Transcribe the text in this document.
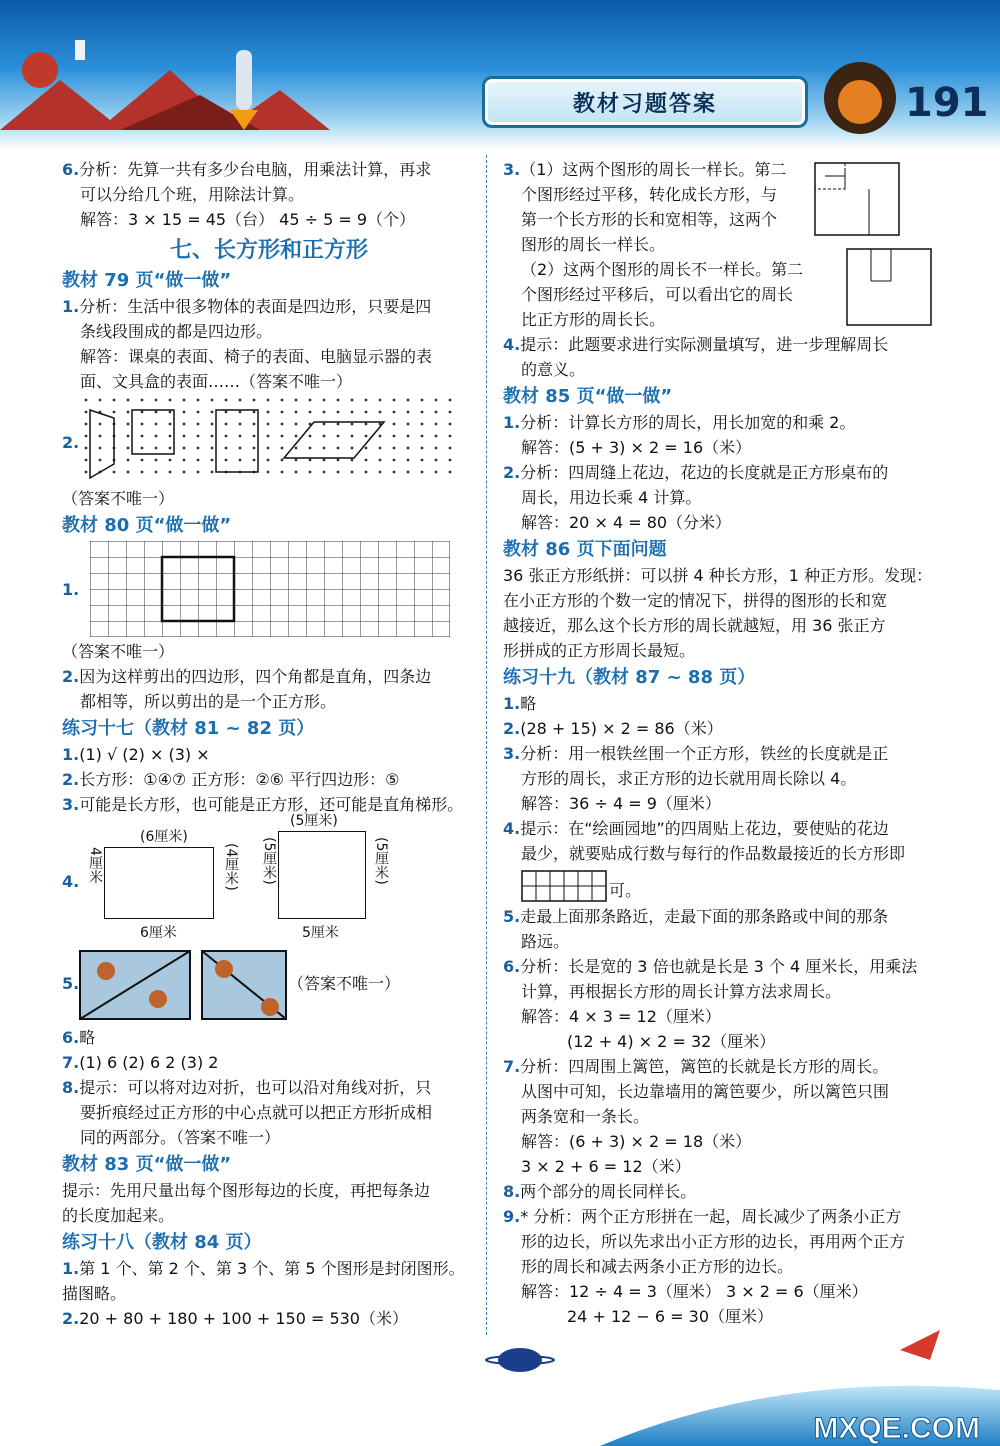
教材习题答案	191

6.分析：先算一共有多少台电脑，用乘法计算，再求

可以分给几个班，用除法计算。

解答：3 × 15 = 45（台） 45 ÷ 5 = 9（个）

七、长方形和正方形
教材 79 页“做一做”

1.分析：生活中很多物体的表面是四边形，只要是四

条线段围成的都是四边形。

解答：课桌的表面、椅子的表面、电脑显示器的表

面、文具盒的表面……（答案不唯一）

2.

（答案不唯一）

教材 80 页“做一做”
1.

（答案不唯一）

2.因为这样剪出的四边形，四个角都是直角，四条边

都相等，所以剪出的是一个正方形。

练习十七（教材 81 ~ 82 页）

1.(1) √ (2) × (3) ×

2.长方形：①④⑦ 正方形：②⑥ 平行四边形：⑤

3.可能是长方形，也可能是正方形，还可能是直角梯形。

4.
(6厘米)
6厘米
4厘米	(4厘米)
(5厘米)
5厘米
(5厘米)	(5厘米)
5.	（答案不唯一）

6.略

7.(1) 6 (2) 6 2 (3) 2

8.提示：可以将对边对折，也可以沿对角线对折，只

要折痕经过正方形的中心点就可以把正方形折成相

同的两部分。（答案不唯一）

教材 83 页“做一做”

提示：先用尺量出每个图形每边的长度，再把每条边

的长度加起来。

练习十八（教材 84 页）

1.第 1 个、第 2 个、第 3 个、第 5 个图形是封闭图形。

描图略。

2.20 + 80 + 180 + 100 + 150 = 530（米）

3.（1）这两个图形的周长一样长。第二

个图形经过平移，转化成长方形，与

第一个长方形的长和宽相等，这两个

图形的周长一样长。

（2）这两个图形的周长不一样长。第二

个图形经过平移后，可以看出它的周长

比正方形的周长长。

4.提示：此题要求进行实际测量填写，进一步理解周长

的意义。

教材 85 页“做一做”

1.分析：计算长方形的周长，用长加宽的和乘 2。

解答：(5 + 3) × 2 = 16（米）

2.分析：四周缝上花边，花边的长度就是正方形桌布的

周长，用边长乘 4 计算。

解答：20 × 4 = 80（分米）

教材 86 页下面问题

36 张正方形纸拼：可以拼 4 种长方形，1 种正方形。发现：

在小正方形的个数一定的情况下，拼得的图形的长和宽

越接近，那么这个长方形的周长就越短，用 36 张正方

形拼成的正方形周长最短。

练习十九（教材 87 ~ 88 页）

1.略

2.(28 + 15) × 2 = 86（米）

3.分析：用一根铁丝围一个正方形，铁丝的长度就是正

方形的周长，求正方形的边长就用周长除以 4。

解答：36 ÷ 4 = 9（厘米）

4.提示：在“绘画园地”的四周贴上花边，要使贴的花边

最少，就要贴成行数与每行的作品数最接近的长方形即

可。

5.走最上面那条路近，走最下面的那条路或中间的那条

路远。

6.分析：长是宽的 3 倍也就是长是 3 个 4 厘米长，用乘法

计算，再根据长方形的周长计算方法求周长。

解答：4 × 3 = 12（厘米）

(12 + 4) × 2 = 32（厘米）

7.分析：四周围上篱笆，篱笆的长就是长方形的周长。

从图中可知，长边靠墙用的篱笆要少，所以篱笆只围

两条宽和一条长。

解答：(6 + 3) × 2 = 18（米）

3 × 2 + 6 = 12（米）

8.两个部分的周长同样长。

9.* 分析：两个正方形拼在一起，周长减少了两条小正方

形的边长，所以先求出小正方形的边长，再用两个正方

形的周长和减去两条小正方形的边长。

解答：12 ÷ 4 = 3（厘米） 3 × 2 = 6（厘米）

24 + 12 − 6 = 30（厘米）

MXQE.COM
